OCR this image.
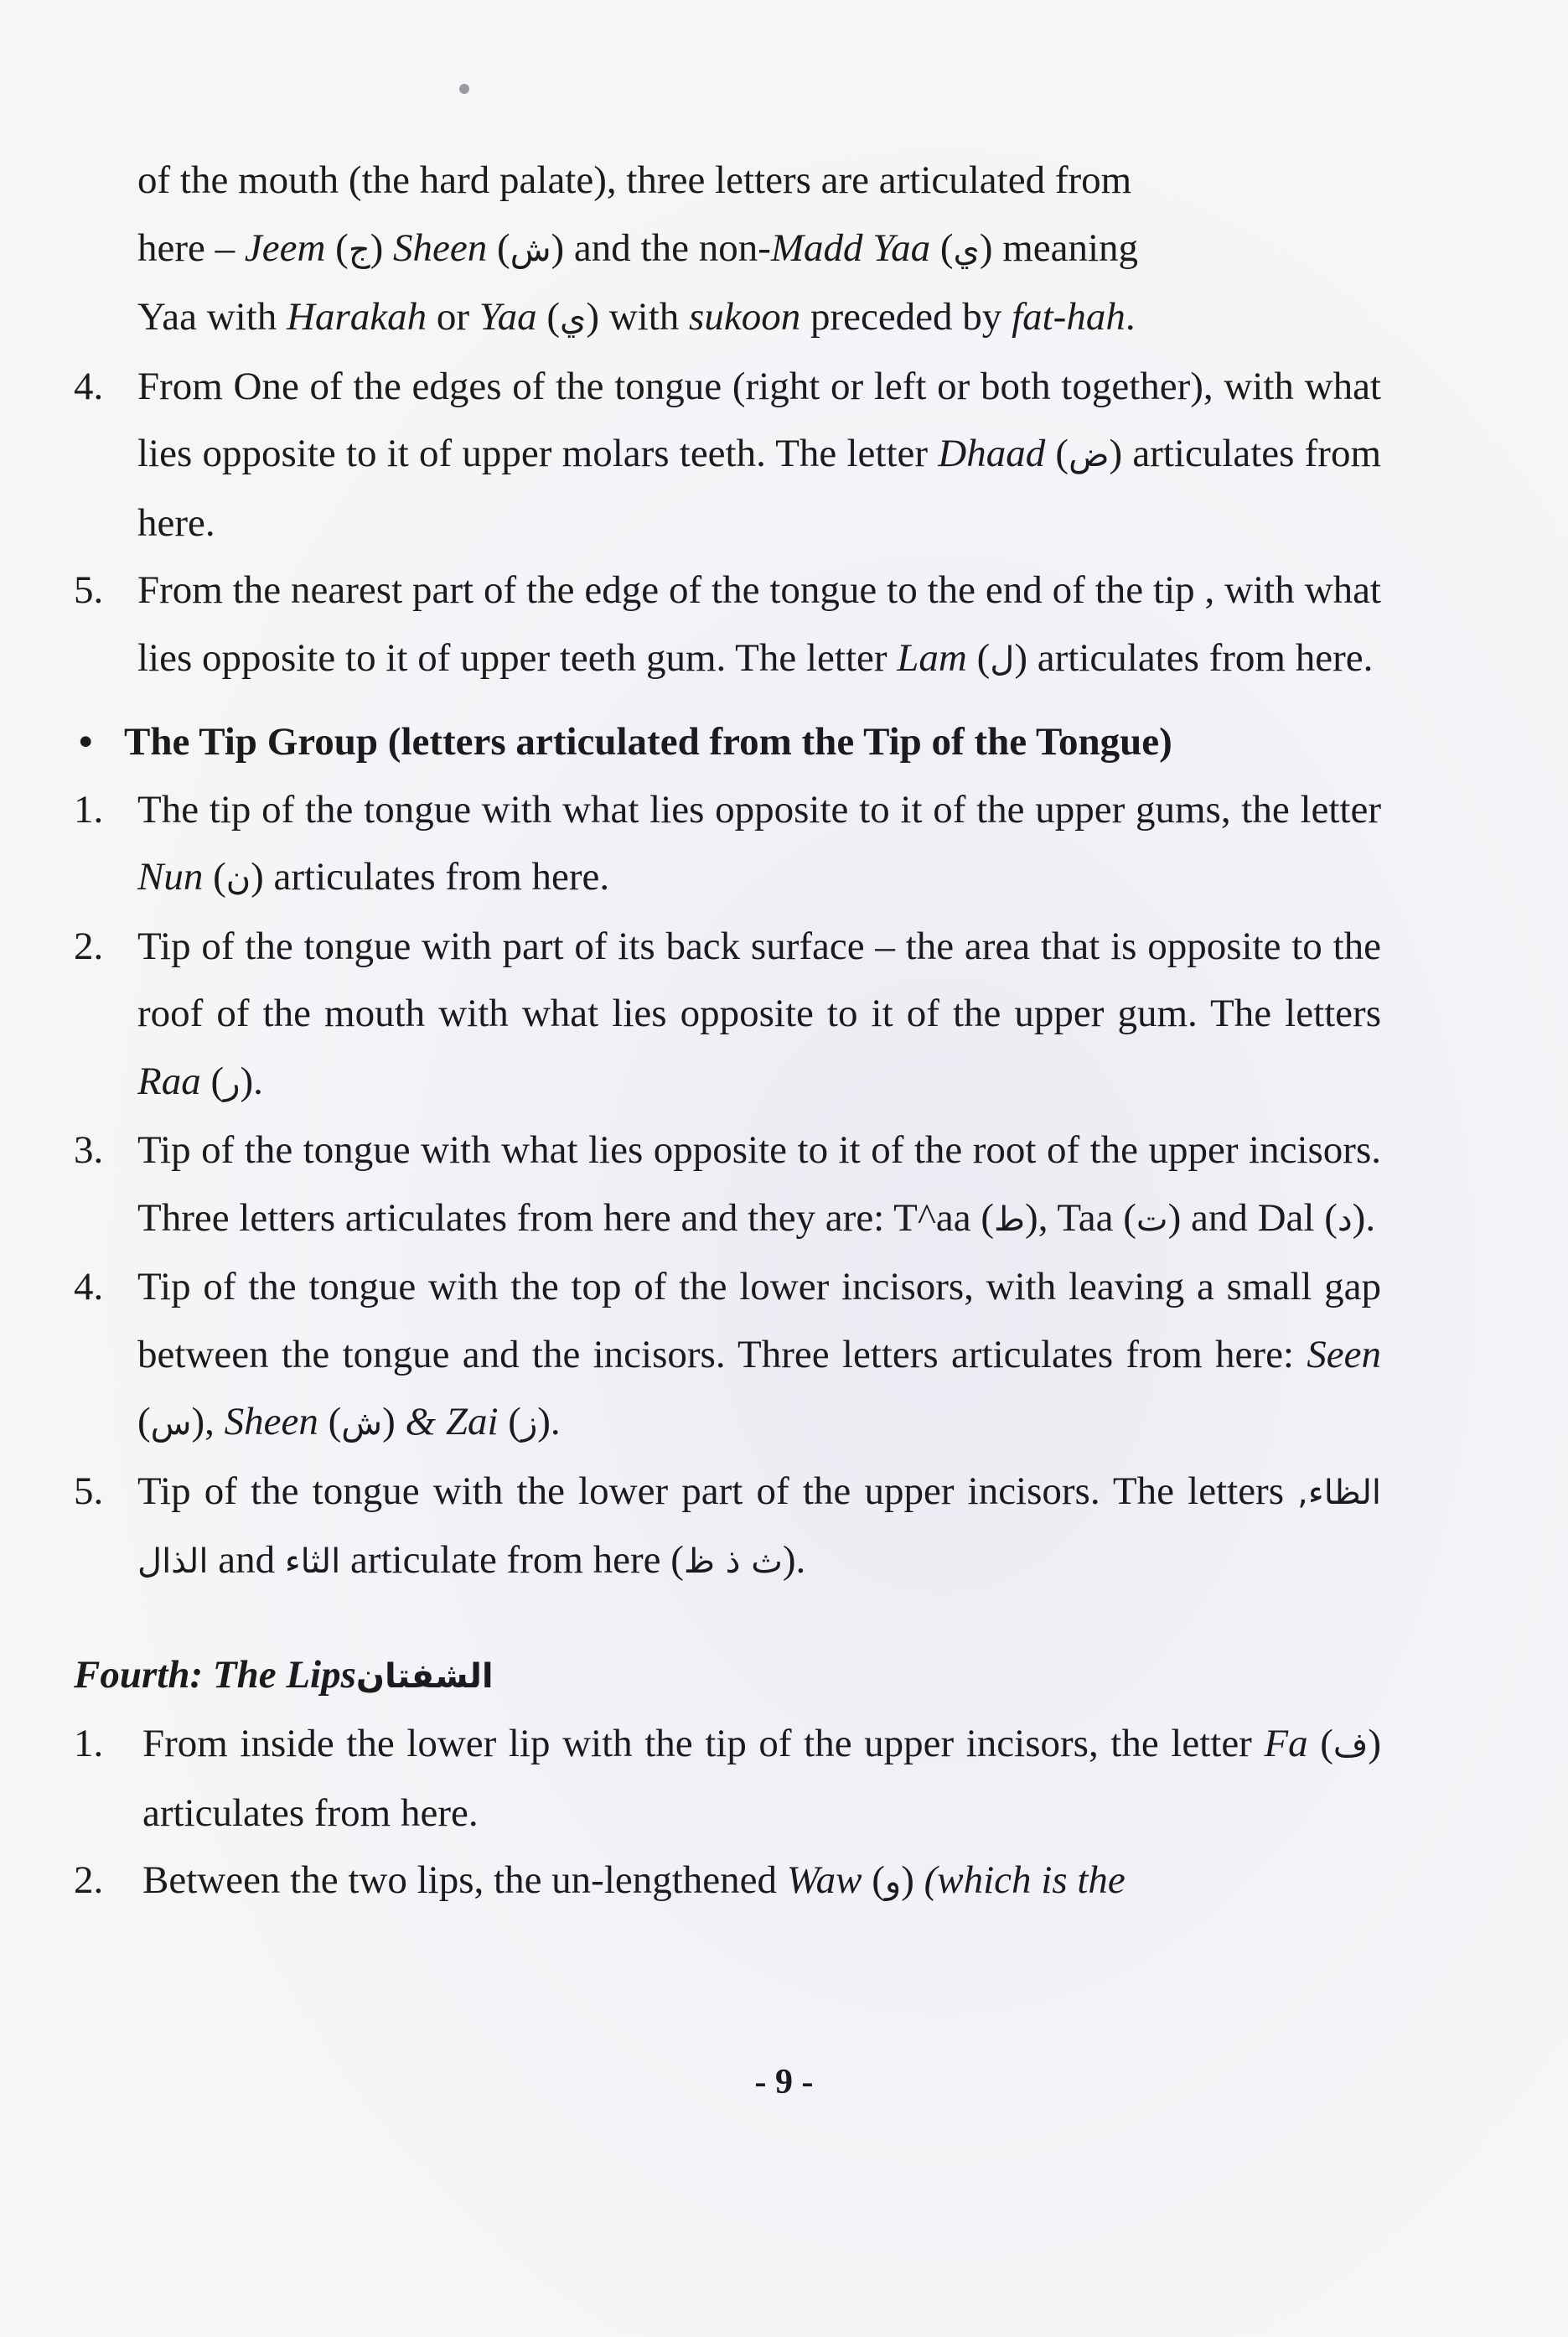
of the mouth (the hard palate), three letters are articulated from
here – Jeem (ج) Sheen (ش) and the non-Madd Yaa (ي) meaning
Yaa with Harakah or Yaa (ي) with sukoon preceded by fat-hah.
4. From One of the edges of the tongue (right or left or both together), with what lies opposite to it of upper molars teeth. The letter Dhaad (ض) articulates from here.
5. From the nearest part of the edge of the tongue to the end of the tip , with what lies opposite to it of upper teeth gum. The letter Lam (ل) articulates from here.
• The Tip Group (letters articulated from the Tip of the Tongue)
1. The tip of the tongue with what lies opposite to it of the upper gums, the letter Nun (ن) articulates from here.
2. Tip of the tongue with part of its back surface – the area that is opposite to the roof of the mouth with what lies opposite to it of the upper gum. The letters Raa (ر).
3. Tip of the tongue with what lies opposite to it of the root of the upper incisors. Three letters articulates from here and they are: T^aa (ط), Taa (ت) and Dal (د).
4. Tip of the tongue with the top of the lower incisors, with leaving a small gap between the tongue and the incisors. Three letters articulates from here: Seen (س), Sheen (ش) & Zai (ز).
5. Tip of the tongue with the lower part of the upper incisors. The letters الظاء, الذال and الثاء articulate from here (ث ذ ظ).
Fourth: The Lipsالشفتان
1. From inside the lower lip with the tip of the upper incisors, the letter Fa (ف) articulates from here.
2. Between the two lips, the un-lengthened Waw (و) (which is the
- 9 -
